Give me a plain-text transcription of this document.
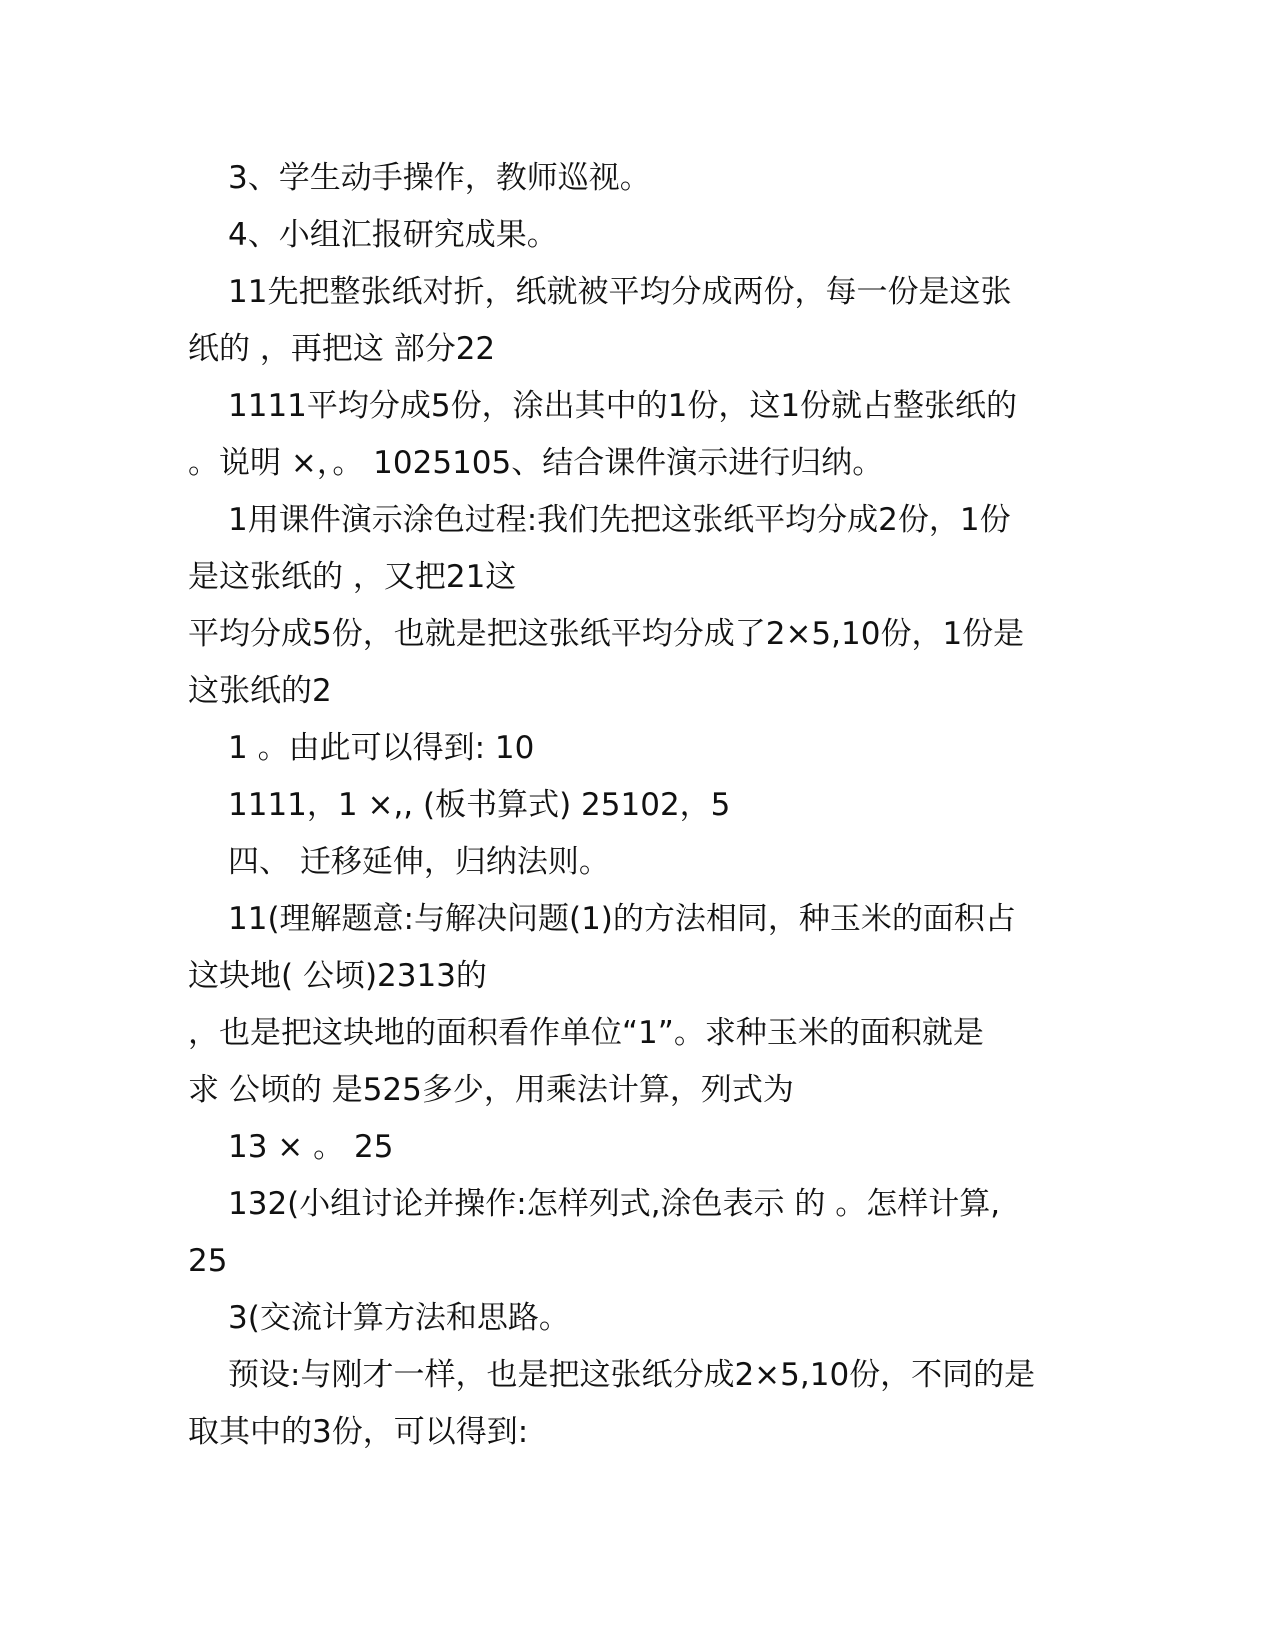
3、学生动手操作，教师巡视。
4、小组汇报研究成果。
11先把整张纸对折，纸就被平均分成两份，每一份是这张
纸的 ，再把这 部分22
1111平均分成5份，涂出其中的1份，这1份就占整张纸的
。说明 ×，。 1025105、结合课件演示进行归纳。
1用课件演示涂色过程:我们先把这张纸平均分成2份，1份
是这张纸的 ，又把21这
平均分成5份，也就是把这张纸平均分成了2×5,10份，1份是
这张纸的2
1 。由此可以得到: 10
1111，1 ×,, (板书算式) 25102，5
四、 迁移延伸，归纳法则。
11(理解题意:与解决问题(1)的方法相同，种玉米的面积占
这块地( 公顷)2313的
，也是把这块地的面积看作单位“1”。求种玉米的面积就是
求 公顷的 是525多少，用乘法计算，列式为
13 × 。 25
132(小组讨论并操作:怎样列式,涂色表示 的 。怎样计算,
25
3(交流计算方法和思路。
预设:与刚才一样，也是把这张纸分成2×5,10份，不同的是
取其中的3份，可以得到:
